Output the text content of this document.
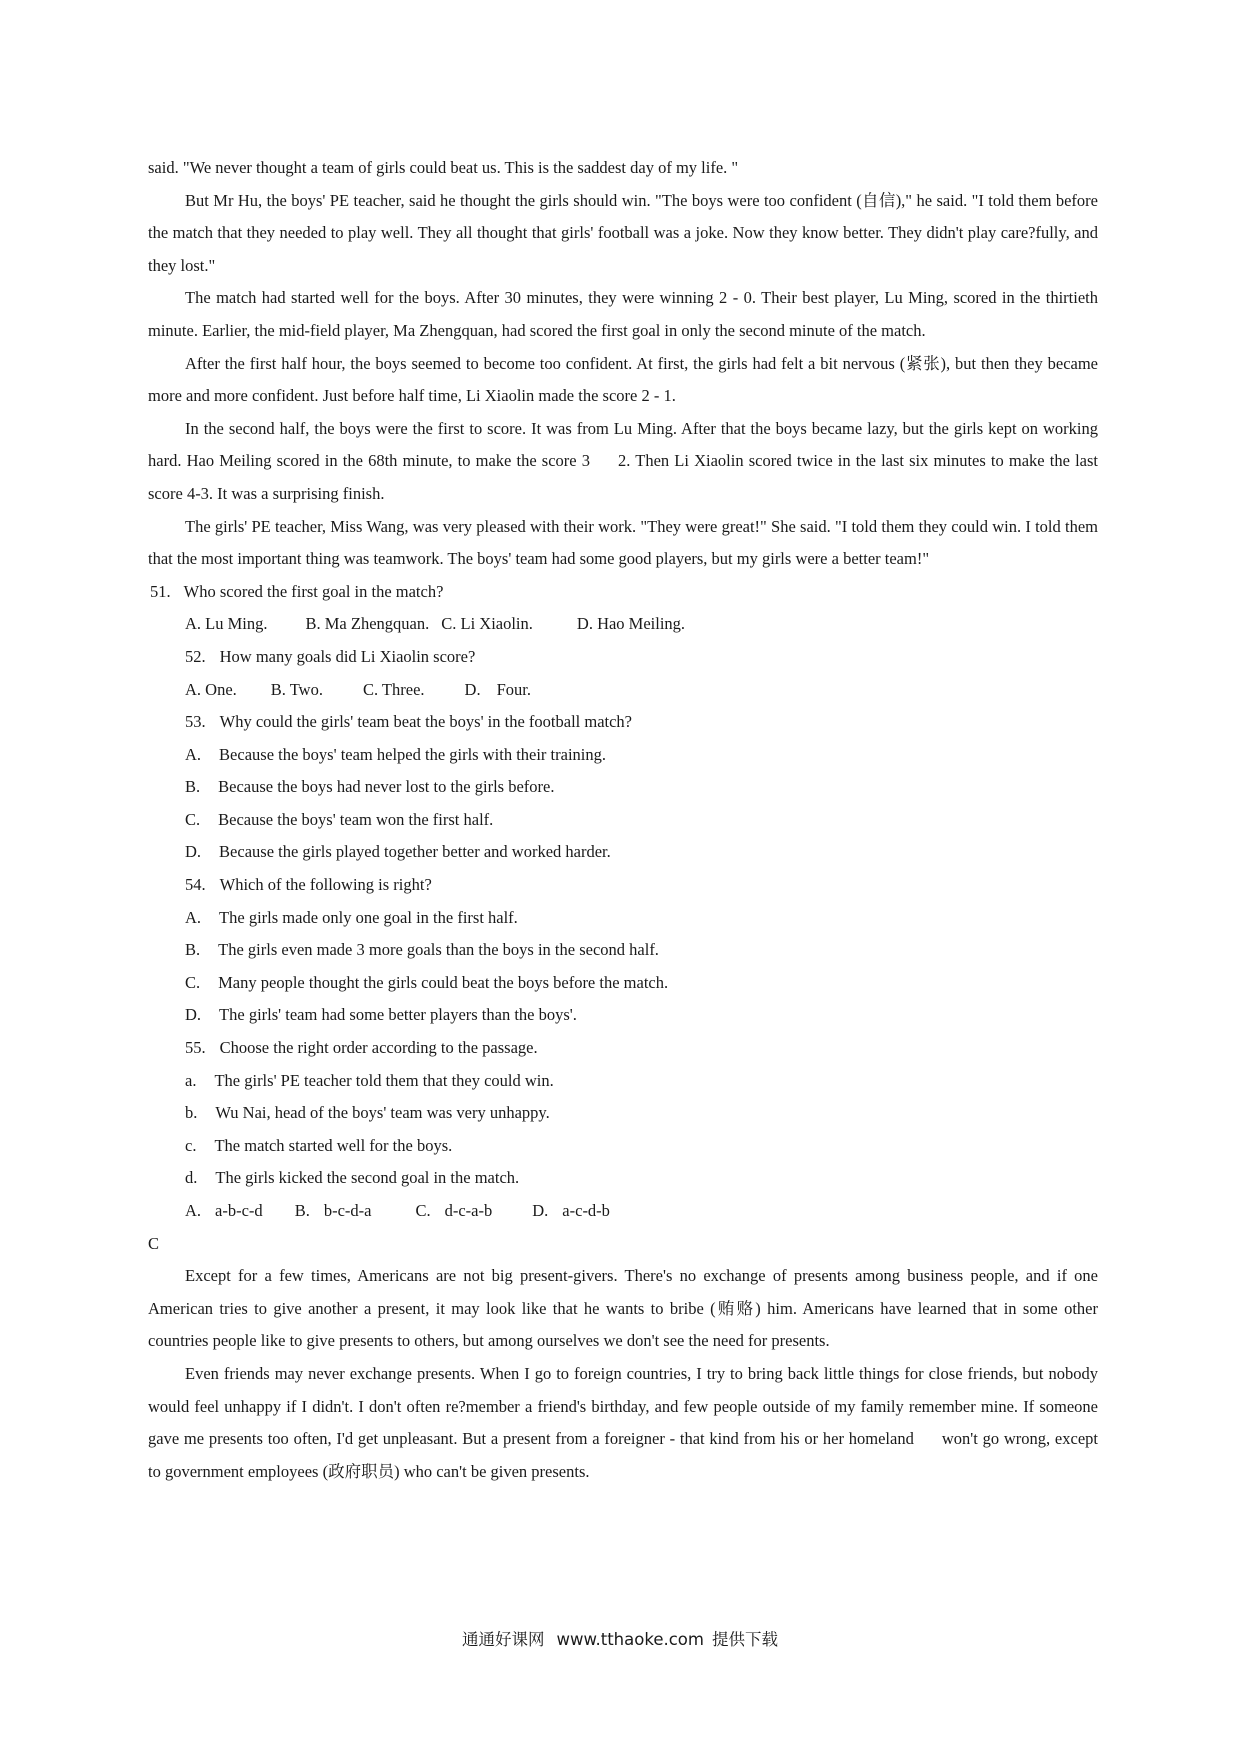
said. "We never thought a team of girls could beat us. This is the saddest day of my life. "

But Mr Hu, the boys' PE teacher, said he thought the girls should win. "The boys were too confident (自信)," he said. "I told them before the match that they needed to play well. They all thought that girls' football was a joke. Now they know better. They didn't play care?fully, and they lost."

The match had started well for the boys. After 30 minutes, they were winning 2 - 0. Their best player, Lu Ming, scored in the thirtieth minute. Earlier, the mid-field player, Ma Zhengquan, had scored the first goal in only the second minute of the match.

After the first half hour, the boys seemed to become too confident. At first, the girls had felt a bit nervous (紧张), but then they became more and more confident. Just before half time, Li Xiaolin made the score 2 - 1.

In the second half, the boys were the first to score. It was from Lu Ming. After that the boys became lazy, but the girls kept on working hard. Hao Meiling scored in the 68th minute, to make the score 3 2. Then Li Xiaolin scored twice in the last six minutes to make the last score 4-3. It was a surprising finish.

The girls' PE teacher, Miss Wang, was very pleased with their work. "They were great!" She said. "I told them they could win. I told them that the most important thing was teamwork. The boys' team had some good players, but my girls were a better team!"

51. Who scored the first goal in the match?
A. Lu Ming. B. Ma Zhengquan. C. Li Xiaolin.	D. Hao Meiling.
52. How many goals did Li Xiaolin score?
A. One. B. Two. C. Three. D. Four.
53. Why could the girls' team beat the boys' in the football match?
A. Because the boys' team helped the girls with their training.
B. Because the boys had never lost to the girls before.
C. Because the boys' team won the first half.
D. Because the girls played together better and worked harder.
54. Which of the following is right?
A. The girls made only one goal in the first half.
B. The girls even made 3 more goals than the boys in the second half.
C. Many people thought the girls could beat the boys before the match.
D. The girls' team had some better players than the boys'.
55. Choose the right order according to the passage.
a. The girls' PE teacher told them that they could win.
b. Wu Nai, head of the boys' team was very unhappy.
c. The match started well for the boys.
d. The girls kicked the second goal in the match.
A. a-b-c-d B. b-c-d-a	C. d-c-a-b D. a-c-d-b
C

Except for a few times, Americans are not big present-givers. There's no exchange of presents among business people, and if one American tries to give another a present, it may look like that he wants to bribe (贿赂) him. Americans have learned that in some other countries people like to give presents to others, but among ourselves we don't see the need for presents.

Even friends may never exchange presents. When I go to foreign countries, I try to bring back little things for close friends, but nobody would feel unhappy if I didn't. I don't often re?member a friend's birthday, and few people outside of my family remember mine. If someone gave me presents too often, I'd get unpleasant. But a present from a foreigner - that kind from his or her homeland won't go wrong, except to government employees (政府职员) who can't be given presents.

通通好课网 www.tthaoke.com 提供下载
